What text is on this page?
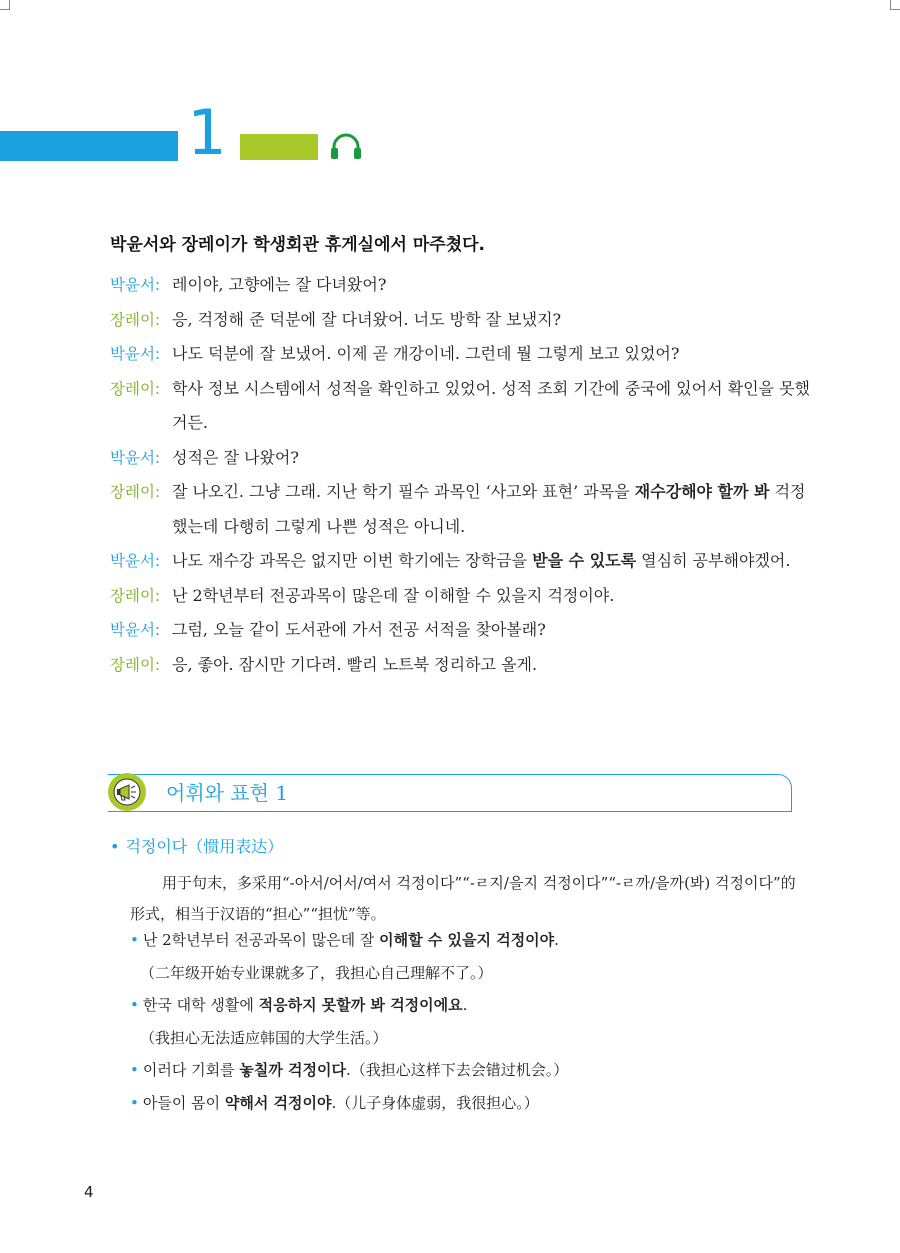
1
박윤서와 장레이가 학생회관 휴게실에서 마주쳤다.
박윤서: 레이야, 고향에는 잘 다녀왔어?
장레이: 응, 걱정해 준 덕분에 잘 다녀왔어. 너도 방학 잘 보냈지?
박윤서: 나도 덕분에 잘 보냈어. 이제 곧 개강이네. 그런데 뭘 그렇게 보고 있었어?
장레이: 학사 정보 시스템에서 성적을 확인하고 있었어. 성적 조회 기간에 중국에 있어서 확인을 못했거든.
박윤서: 성적은 잘 나왔어?
장레이: 잘 나오긴. 그냥 그래. 지난 학기 필수 과목인 ‘사고와 표현’ 과목을 재수강해야 할까 봐 걱정했는데 다행히 그렇게 나쁜 성적은 아니네.
박윤서: 나도 재수강 과목은 없지만 이번 학기에는 장학금을 받을 수 있도록 열심히 공부해야겠어.
장레이: 난 2학년부터 전공과목이 많은데 잘 이해할 수 있을지 걱정이야.
박윤서: 그럼, 오늘 같이 도서관에 가서 전공 서적을 찾아볼래?
장레이: 응, 좋아. 잠시만 기다려. 빨리 노트북 정리하고 올게.
어휘와 표현 1
• 걱정이다（惯用表达）
用于句末，多采用“-아서/어서/여서 걱정이다”“-ㄹ지/을지 걱정이다”“-ㄹ까/을까(봐) 걱정이다”的形式，相当于汉语的“担心”“担忧”等。
• 난 2학년부터 전공과목이 많은데 잘 이해할 수 있을지 걱정이야.
（二年级开始专业课就多了，我担心自己理解不了。）
• 한국 대학 생활에 적응하지 못할까 봐 걱정이에요.
（我担心无法适应韩国的大学生活。）
• 이러다 기회를 놓칠까 걱정이다.（我担心这样下去会错过机会。）
• 아들이 몸이 약해서 걱정이야.（儿子身体虚弱，我很担心。）
4
